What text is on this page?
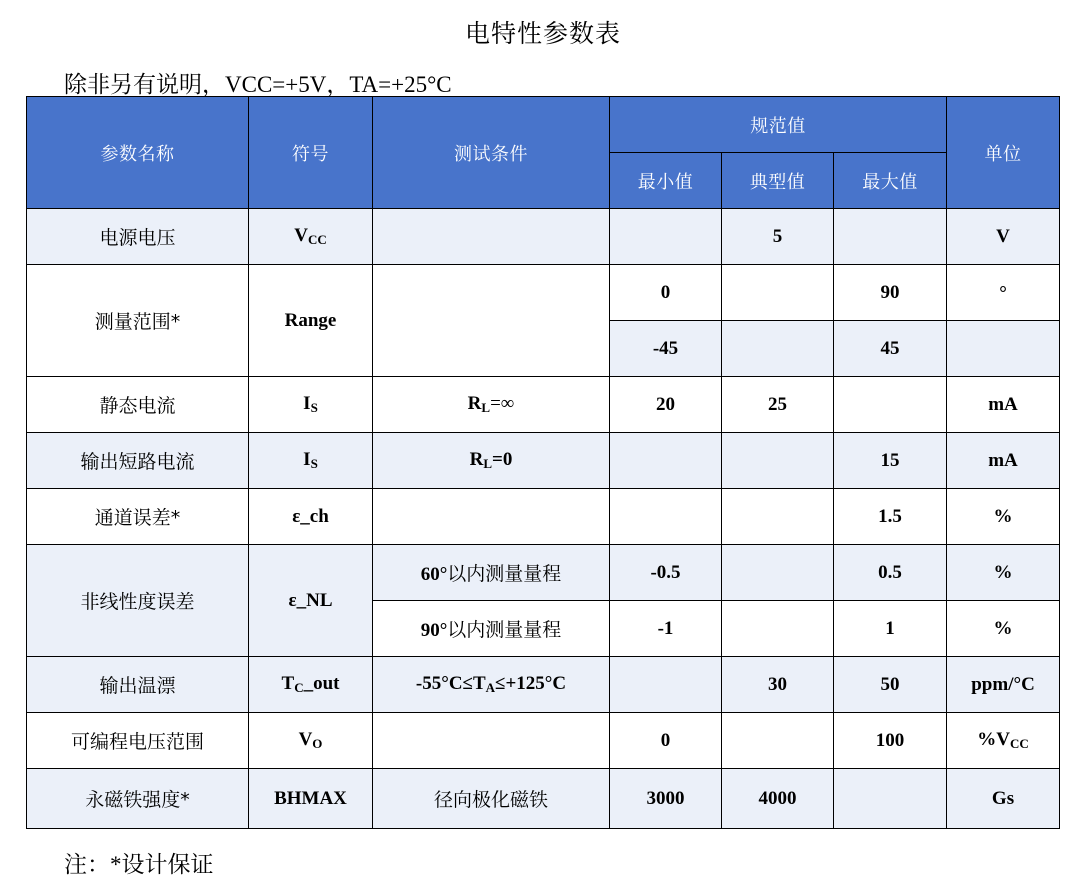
电特性参数表
除非另有说明，VCC=+5V，TA=+25°C
参数名称	符号	测试条件	规范值			单位
			最小值	典型值	最大值	
电源电压	$V_{CC}$			5		V
测量范围*	Range		0		90	°
			-45		45	
静态电流	$I_S$	$R_L=\infty$	20	25		mA
输出短路电流	$I_S$	$R_L=0$			15	mA
通道误差*	ε_ch				1.5	%
非线性度误差	ε_NL	60°以内测量量程	-0.5		0.5	%
		90°以内测量量程	-1		1	%
输出温漂	$T_C\_out$	$-55^\circ C\le T_A\le+125^\circ C$		30	50	ppm/°C
可编程电压范围	$V_O$		0		100	$\%V_{CC}$
永磁铁强度*	BHMAX	径向极化磁铁	3000	4000		Gs
注：*设计保证
